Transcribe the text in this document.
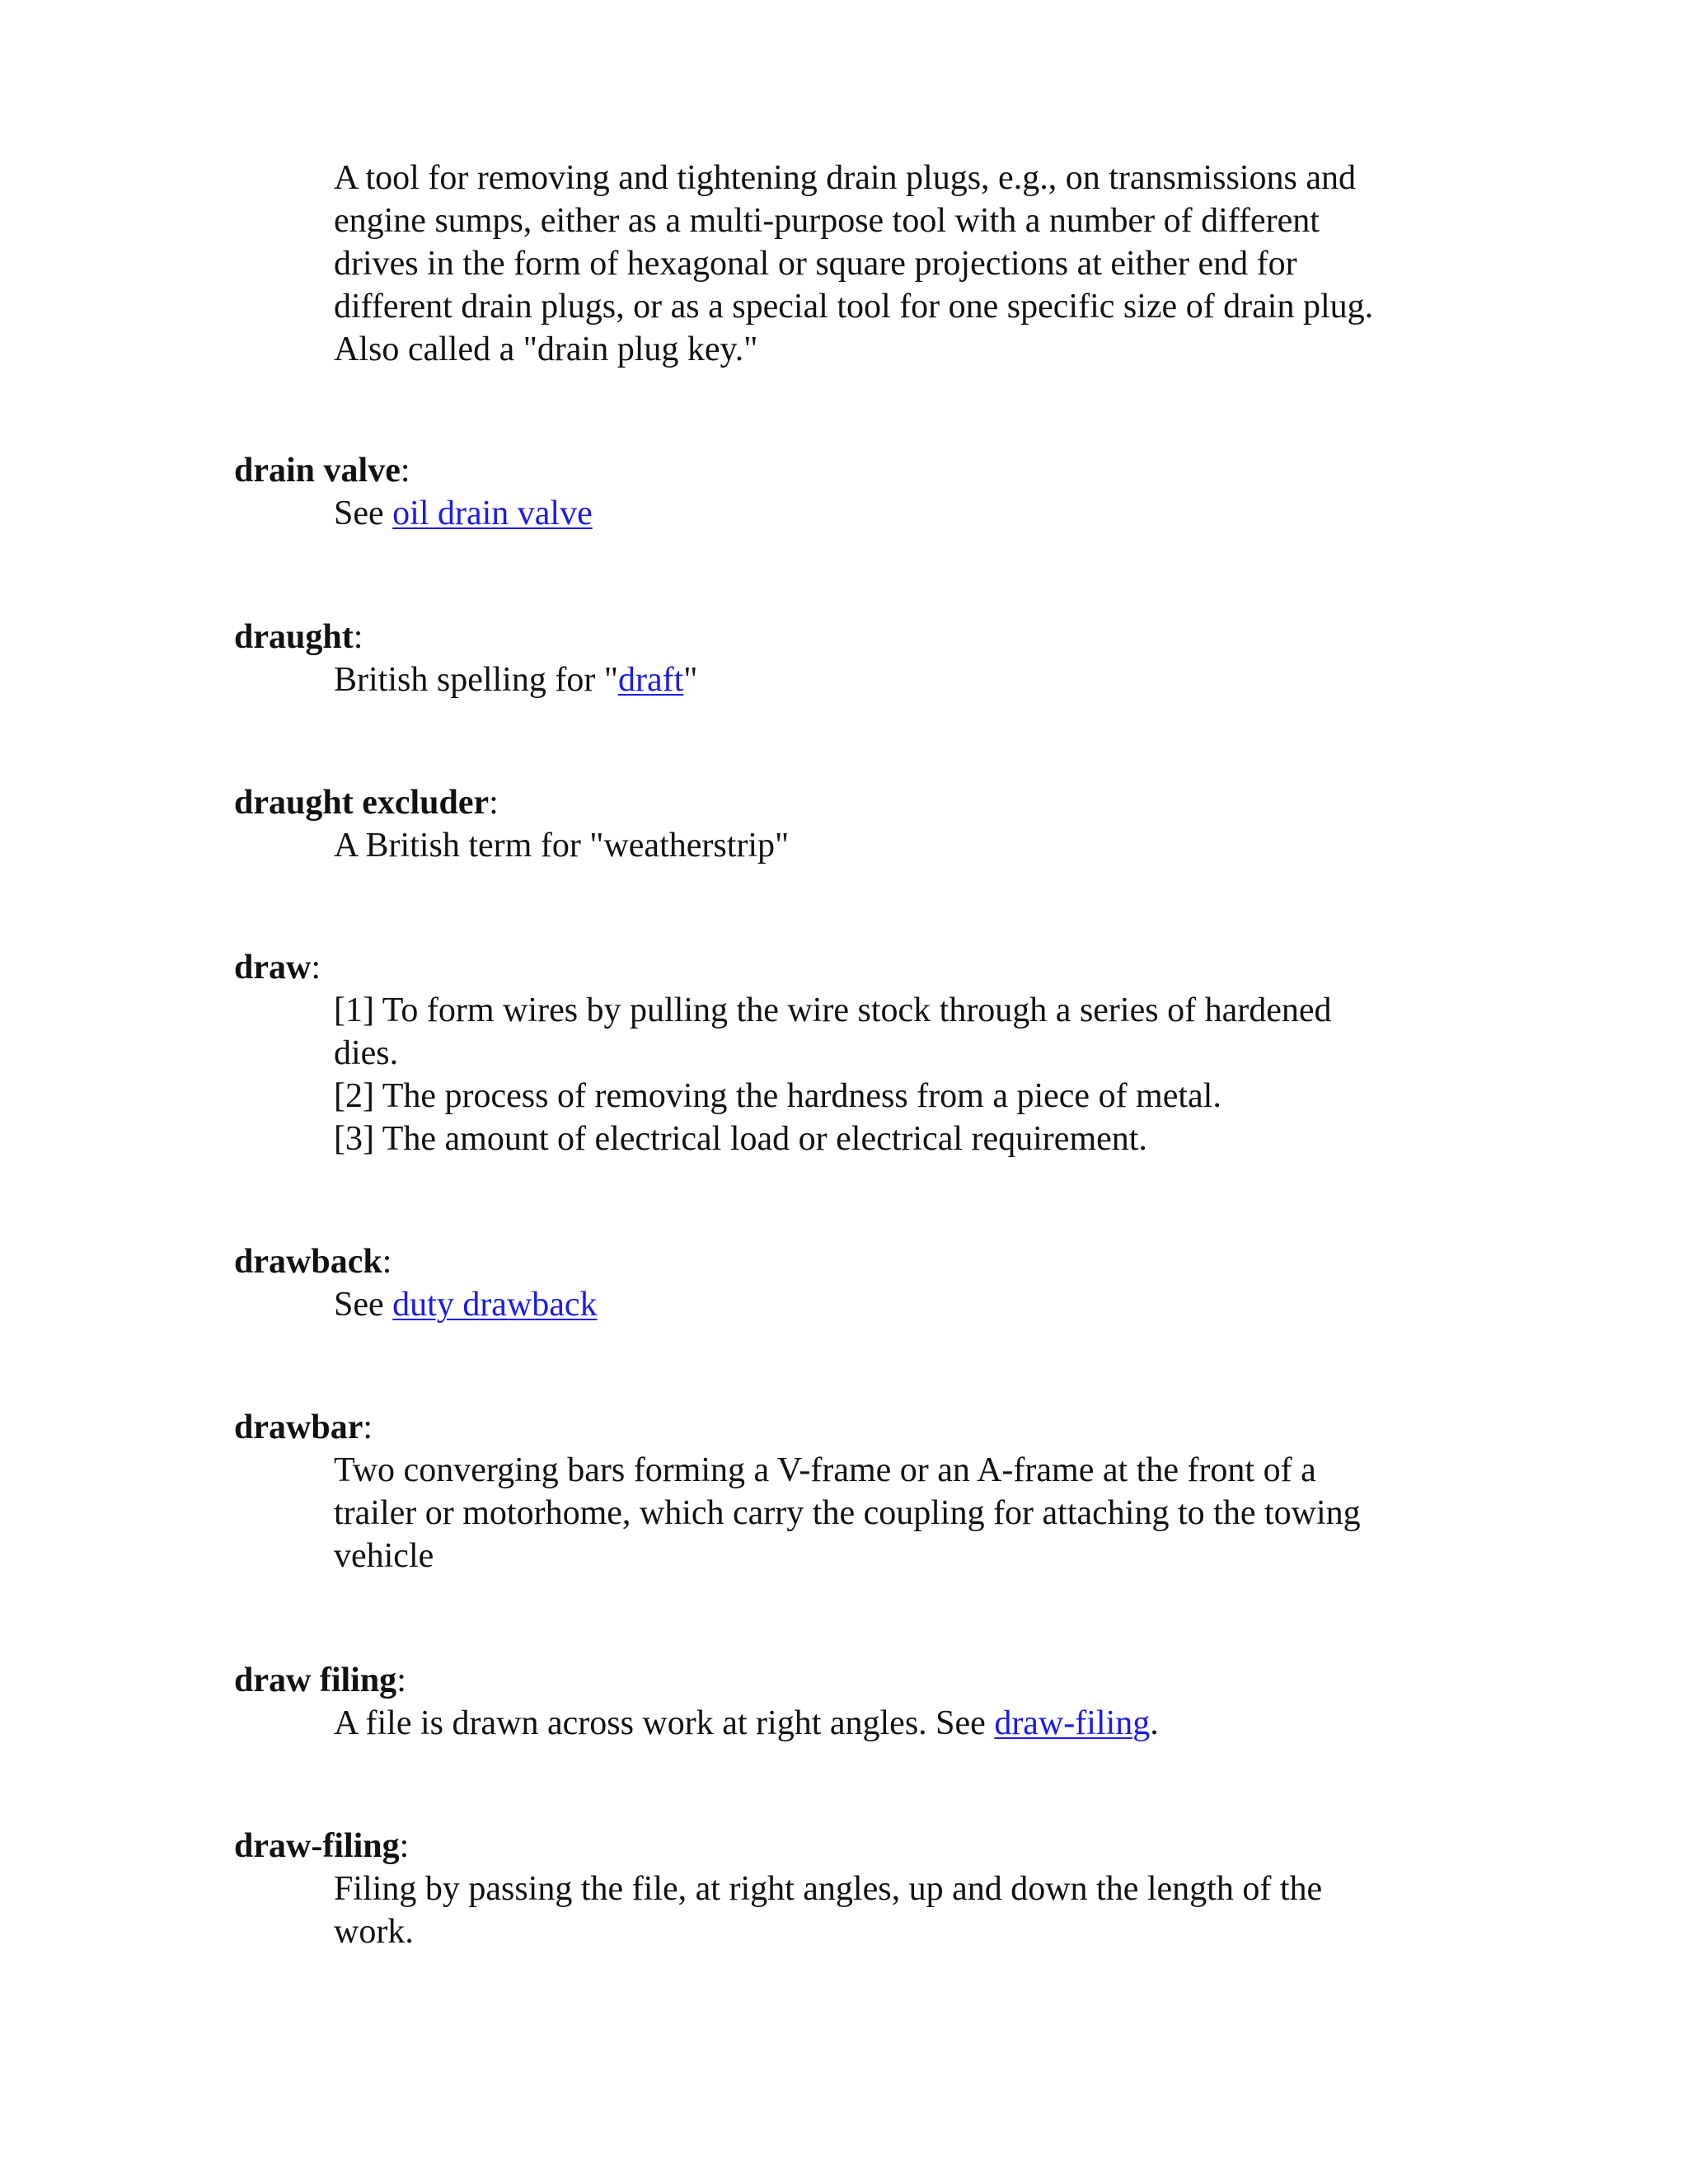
A tool for removing and tightening drain plugs, e.g., on transmissions and
engine sumps, either as a multi-purpose tool with a number of different
drives in the form of hexagonal or square projections at either end for
different drain plugs, or as a special tool for one specific size of drain plug.
Also called a "drain plug key."
drain valve:
See oil drain valve
draught:
British spelling for "draft"
draught excluder:
A British term for "weatherstrip"
draw:
[1] To form wires by pulling the wire stock through a series of hardened
dies.
[2] The process of removing the hardness from a piece of metal.
[3] The amount of electrical load or electrical requirement.
drawback:
See duty drawback
drawbar:
Two converging bars forming a V-frame or an A-frame at the front of a
trailer or motorhome, which carry the coupling for attaching to the towing
vehicle
draw filing:
A file is drawn across work at right angles. See draw-filing.
draw-filing:
Filing by passing the file, at right angles, up and down the length of the
work.
